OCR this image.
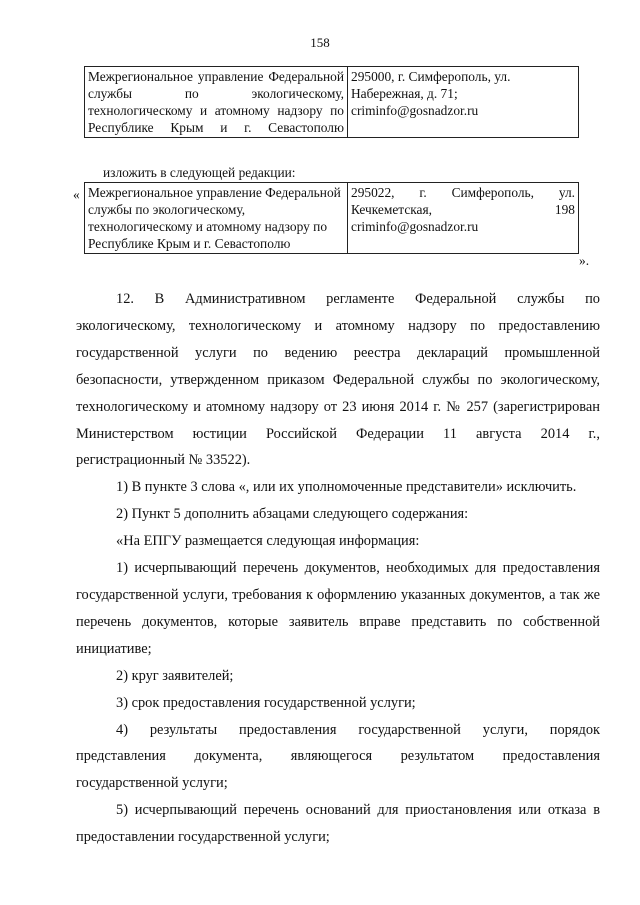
158
Межрегиональное управление Федеральной службы по экологическому, технологическому и атомному надзору по Республике Крым и г. Севастополю	295000, г. Симферополь, ул. Набережная, д. 71; criminfo@gosnadzor.ru
изложить в следующей редакции:
« Межрегиональное управление Федеральной службы по экологическому, технологическому и атомному надзору по Республике Крым и г. Севастополю	295022, г. Симферополь, ул. Кечкеметская, 198 criminfo@gosnadzor.ru
».

12. В Административном регламенте Федеральной службы по экологическому, технологическому и атомному надзору по предоставлению государственной услуги по ведению реестра деклараций промышленной безопасности, утвержденном приказом Федеральной службы по экологическому, технологическому и атомному надзору от 23 июня 2014 г. № 257 (зарегистрирован Министерством юстиции Российской Федерации 11 августа 2014 г., регистрационный № 33522).

1) В пункте 3 слова «, или их уполномоченные представители» исключить.

2) Пункт 5 дополнить абзацами следующего содержания:

«На ЕПГУ размещается следующая информация:

1) исчерпывающий перечень документов, необходимых для предоставления государственной услуги, требования к оформлению указанных документов, а так же перечень документов, которые заявитель вправе представить по собственной инициативе;

2) круг заявителей;

3) срок предоставления государственной услуги;

4) результаты предоставления государственной услуги, порядок представления документа, являющегося результатом предоставления государственной услуги;

5) исчерпывающий перечень оснований для приостановления или отказа в предоставлении государственной услуги;
